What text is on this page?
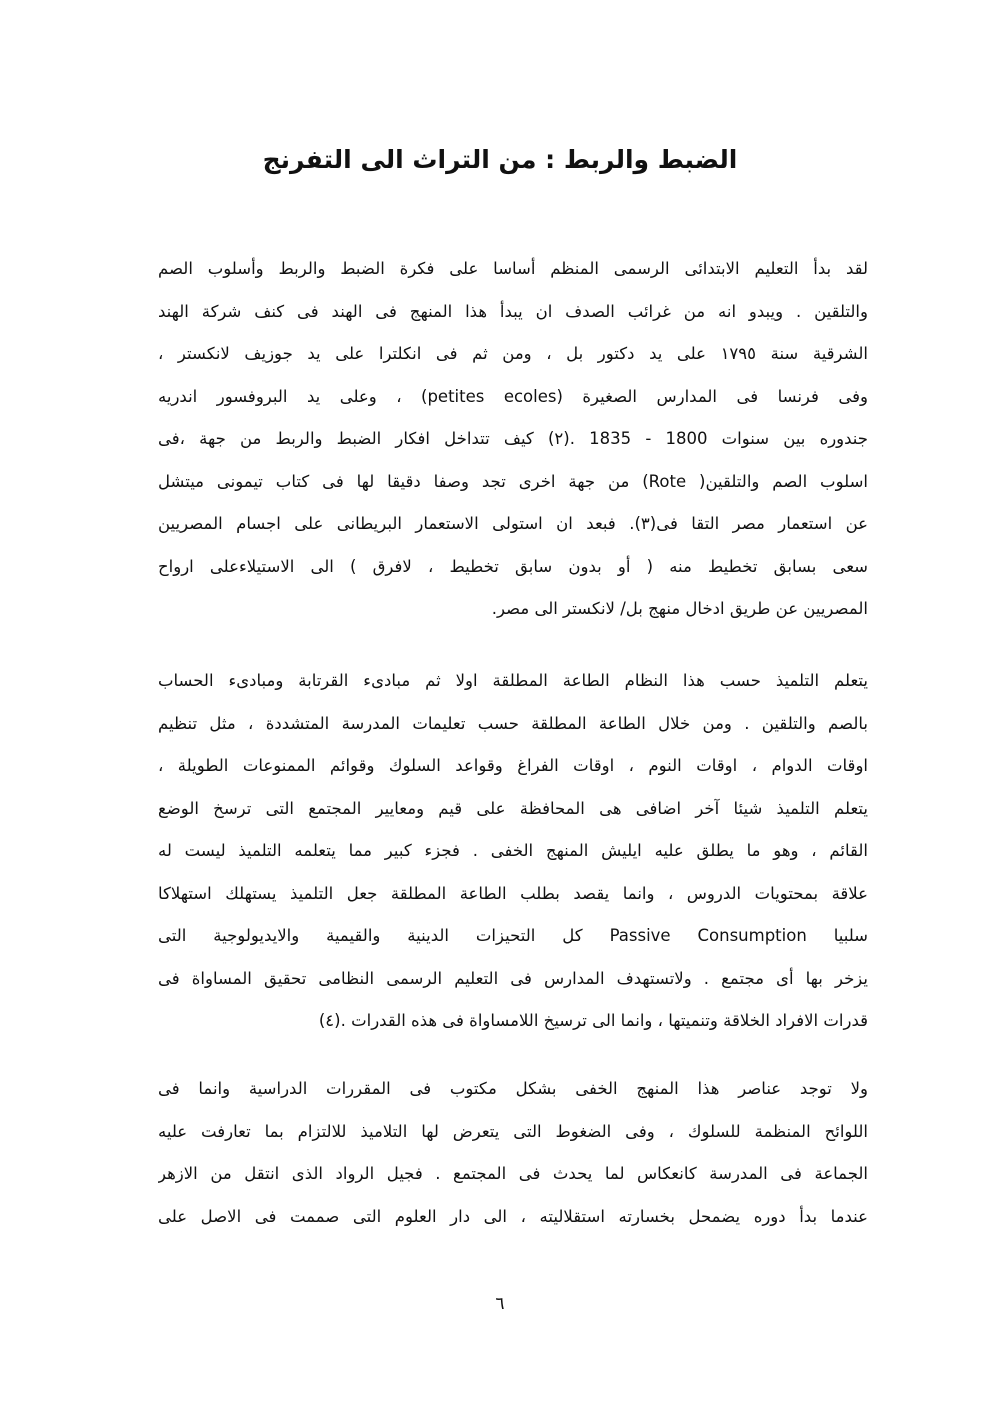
الضبط والربط : من التراث الى التفرنج
لقد بدأ التعليم الابتدائى الرسمى المنظم أساسا على فكرة الضبط والربط وأسلوب الصم
والتلقين . ويبدو انه من غرائب الصدف ان يبدأ هذا المنهج فى الهند فى كنف شركة الهند
الشرقية سنة ١٧٩٥ على يد دكتور بل ، ومن ثم فى انكلترا على يد جوزيف لانكستر ،
وفى فرنسا فى المدارس الصغيرة (petites ecoles) ، وعلى يد البروفسور اندريه
جندوره بين سنوات 1800 - 1835 .(٢) كيف تتداخل افكار الضبط والربط من جهة ،فى
اسلوب الصم والتلقين( Rote) من جهة اخرى تجد وصفا دقيقا لها فى كتاب تيمونى ميتشل
عن استعمار مصر التقا فى(٣). فبعد ان استولى الاستعمار البريطانى على اجسام المصريين
سعى بسابق تخطيط منه ( أو بدون سابق تخطيط ، لافرق ) الى الاستيلاءعلى ارواح
المصريين عن طريق ادخال منهج بل/ لانكستر الى مصر.
يتعلم التلميذ حسب هذا النظام الطاعة المطلقة اولا ثم مبادىء القرتابة ومبادىء الحساب
بالصم والتلقين . ومن خلال الطاعة المطلقة حسب تعليمات المدرسة المتشددة ، مثل تنظيم
اوقات الدوام ، اوقات النوم ، اوقات الفراغ وقواعد السلوك وقوائم الممنوعات الطويلة ،
يتعلم التلميذ شيئا آخر اضافى هى المحافظة على قيم ومعايير المجتمع التى ترسخ الوضع
القائم ، وهو ما يطلق عليه ايليش المنهج الخفى . فجزء كبير مما يتعلمه التلميذ ليست له
علاقة بمحتويات الدروس ، وانما يقصد بطلب الطاعة المطلقة جعل التلميذ يستهلك استهلاكا
سلبيا Passive Consumption كل التحيزات الدينية والقيمية والايديولوجية التى
يزخر بها أى مجتمع . ولاتستهدف المدارس فى التعليم الرسمى النظامى تحقيق المساواة فى
قدرات الافراد الخلاقة وتنميتها ، وانما الى ترسيخ اللامساواة فى هذه القدرات .(٤)
ولا توجد عناصر هذا المنهج الخفى بشكل مكتوب فى المقررات الدراسية وانما فى
اللوائح المنظمة للسلوك ، وفى الضغوط التى يتعرض لها التلاميذ للالتزام بما تعارفت عليه
الجماعة فى المدرسة كانعكاس لما يحدث فى المجتمع . فجيل الرواد الذى انتقل من الازهر
عندما بدأ دوره يضمحل بخسارته استقلاليته ، الى دار العلوم التى صممت فى الاصل على
٦
